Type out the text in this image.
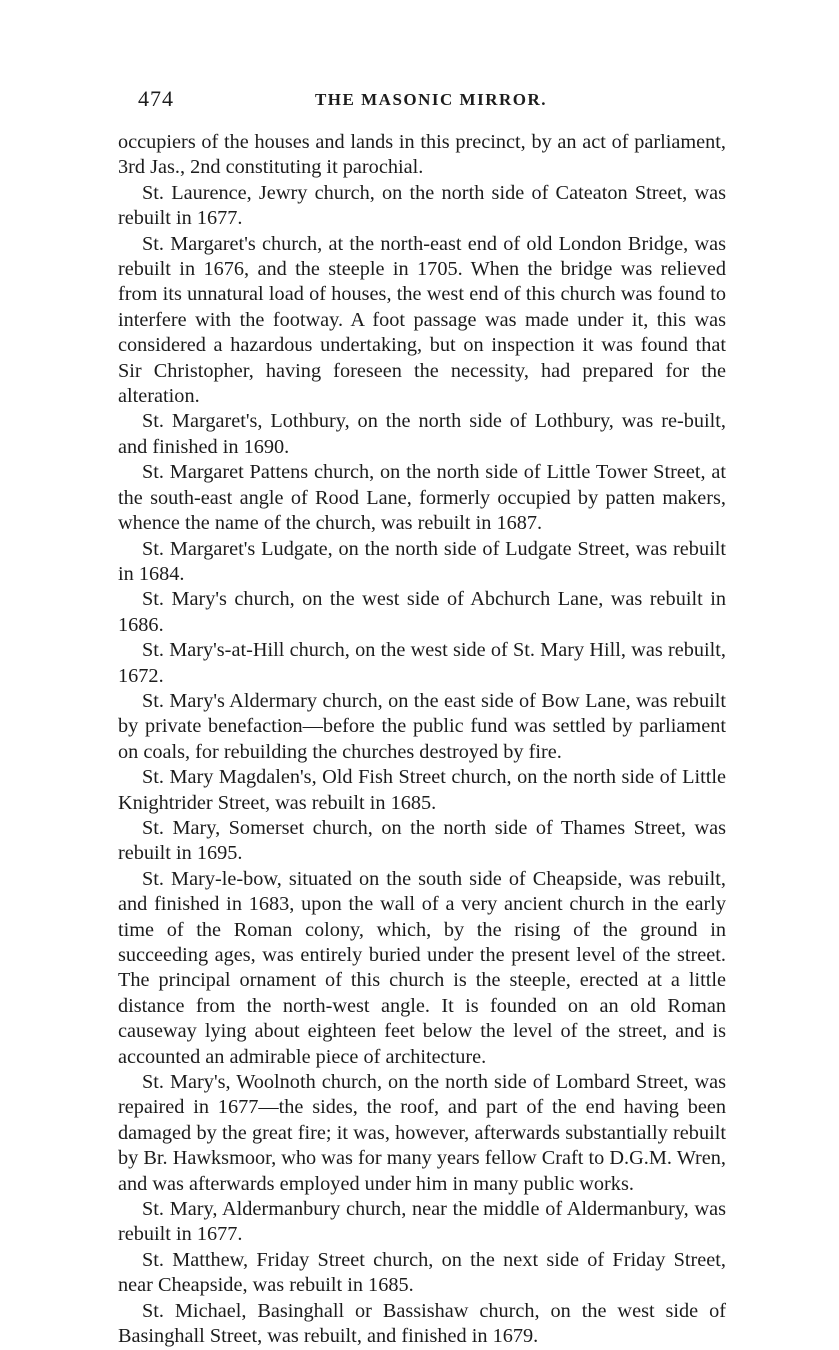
474	THE MASONIC MIRROR.

occupiers of the houses and lands in this precinct, by an act of parliament, 3rd Jas., 2nd constituting it parochial.

St. Laurence, Jewry church, on the north side of Cateaton Street, was rebuilt in 1677.

St. Margaret's church, at the north-east end of old London Bridge, was rebuilt in 1676, and the steeple in 1705. When the bridge was relieved from its unnatural load of houses, the west end of this church was found to interfere with the footway. A foot passage was made under it, this was considered a hazardous undertaking, but on inspection it was found that Sir Christopher, having foreseen the necessity, had prepared for the alteration.

St. Margaret's, Lothbury, on the north side of Lothbury, was re-built, and finished in 1690.

St. Margaret Pattens church, on the north side of Little Tower Street, at the south-east angle of Rood Lane, formerly occupied by patten makers, whence the name of the church, was rebuilt in 1687.

St. Margaret's Ludgate, on the north side of Ludgate Street, was rebuilt in 1684.

St. Mary's church, on the west side of Abchurch Lane, was rebuilt in 1686.

St. Mary's-at-Hill church, on the west side of St. Mary Hill, was rebuilt, 1672.

St. Mary's Aldermary church, on the east side of Bow Lane, was rebuilt by private benefaction—before the public fund was settled by parliament on coals, for rebuilding the churches destroyed by fire.

St. Mary Magdalen's, Old Fish Street church, on the north side of Little Knightrider Street, was rebuilt in 1685.

St. Mary, Somerset church, on the north side of Thames Street, was rebuilt in 1695.

St. Mary-le-bow, situated on the south side of Cheapside, was rebuilt, and finished in 1683, upon the wall of a very ancient church in the early time of the Roman colony, which, by the rising of the ground in succeeding ages, was entirely buried under the present level of the street. The principal ornament of this church is the steeple, erected at a little distance from the north-west angle. It is founded on an old Roman causeway lying about eighteen feet below the level of the street, and is accounted an admirable piece of architecture.

St. Mary's, Woolnoth church, on the north side of Lombard Street, was repaired in 1677—the sides, the roof, and part of the end having been damaged by the great fire; it was, however, afterwards substantially rebuilt by Br. Hawksmoor, who was for many years fellow Craft to D.G.M. Wren, and was afterwards employed under him in many public works.

St. Mary, Aldermanbury church, near the middle of Aldermanbury, was rebuilt in 1677.

St. Matthew, Friday Street church, on the next side of Friday Street, near Cheapside, was rebuilt in 1685.

St. Michael, Basinghall or Bassishaw church, on the west side of Basinghall Street, was rebuilt, and finished in 1679.
